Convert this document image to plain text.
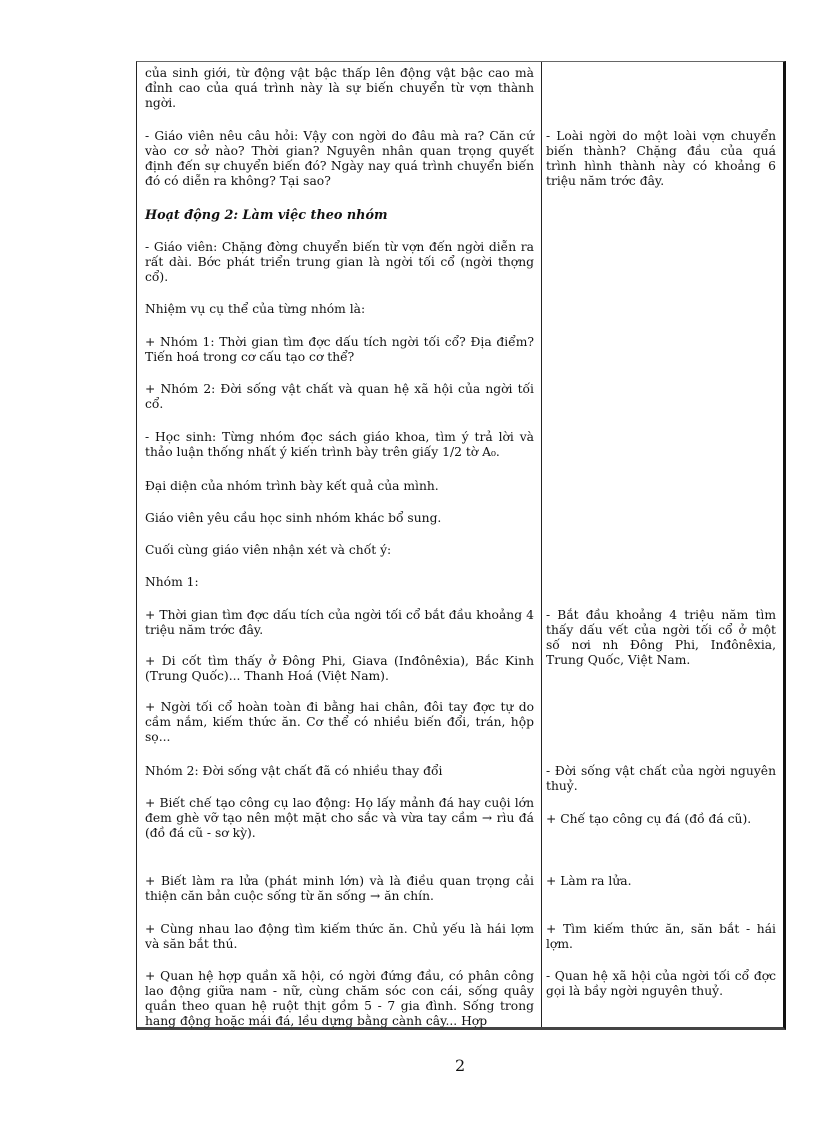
của sinh giới, từ động vật bậc thấp lên động vật bậc cao mà đỉnh cao của quá trình này là sự biến chuyển từ vợn thành ngời.

- Giáo viên nêu câu hỏi: Vậy con ngời do đâu mà ra? Căn cứ vào cơ sở nào? Thời gian? Nguyên nhân quan trọng quyết định đến sự chuyển biến đó? Ngày nay quá trình chuyển biến đó có diễn ra không? Tại sao?

Hoạt động 2: Làm việc theo nhóm

- Giáo viên: Chặng đờng chuyển biến từ vợn đến ngời diễn ra rất dài. Bớc phát triển trung gian là ngời tối cổ (ngời thợng cổ).

Nhiệm vụ cụ thể của từng nhóm là:

+ Nhóm 1: Thời gian tìm đợc dấu tích ngời tối cổ? Địa điểm? Tiến hoá trong cơ cấu tạo cơ thể?

+ Nhóm 2: Đời sống vật chất và quan hệ xã hội của ngời tối cổ.

- Học sinh: Từng nhóm đọc sách giáo khoa, tìm ý trả lời và thảo luận thống nhất ý kiến trình bày trên giấy 1/2 tờ A₀.

Đại diện của nhóm trình bày kết quả của mình.

Giáo viên yêu cầu học sinh nhóm khác bổ sung.

Cuối cùng giáo viên nhận xét và chốt ý:

Nhóm 1:

+ Thời gian tìm đợc dấu tích của ngời tối cổ bắt đầu khoảng 4 triệu năm trớc đây.

+ Di cốt tìm thấy ở Đông Phi, Giava (Inđônêxia), Bắc Kinh (Trung Quốc)... Thanh Hoá (Việt Nam).

+ Ngời tối cổ hoàn toàn đi bằng hai chân, đôi tay đợc tự do cầm nắm, kiếm thức ăn. Cơ thể có nhiều biến đổi, trán, hộp sọ...

Nhóm 2: Đời sống vật chất đã có nhiều thay đổi

+ Biết chế tạo công cụ lao động: Họ lấy mảnh đá hay cuội lớn đem ghè vỡ tạo nên một mặt cho sắc và vừa tay cầm → rìu đá (đồ đá cũ - sơ kỳ).

+ Biết làm ra lửa (phát minh lớn) và là điều quan trọng cải thiện căn bản cuộc sống từ ăn sống → ăn chín.

+ Cùng nhau lao động tìm kiếm thức ăn. Chủ yếu là hái lợm và săn bắt thú.

+ Quan hệ hợp quần xã hội, có ngời đứng đầu, có phân công lao động giữa nam - nữ, cùng chăm sóc con cái, sống quây quần theo quan hệ ruột thịt gồm 5 - 7 gia đình. Sống trong hang động hoặc mái đá, lều dựng bằng cành cây... Hợp

- Loài ngời do một loài vợn chuyển biến thành? Chặng đầu của quá trình hình thành này có khoảng 6 triệu năm trớc đây.

- Bắt đầu khoảng 4 triệu năm tìm thấy dấu vết của ngời tối cổ ở một số nơi nh Đông Phi, Inđônêxia, Trung Quốc, Việt Nam.

- Đời sống vật chất của ngời nguyên thuỷ.

+ Chế tạo công cụ đá (đồ đá cũ).

+ Làm ra lửa.

+ Tìm kiếm thức ăn, săn bắt - hái lợm.

- Quan hệ xã hội của ngời tối cổ đợc gọi là bầy ngời nguyên thuỷ.

2
